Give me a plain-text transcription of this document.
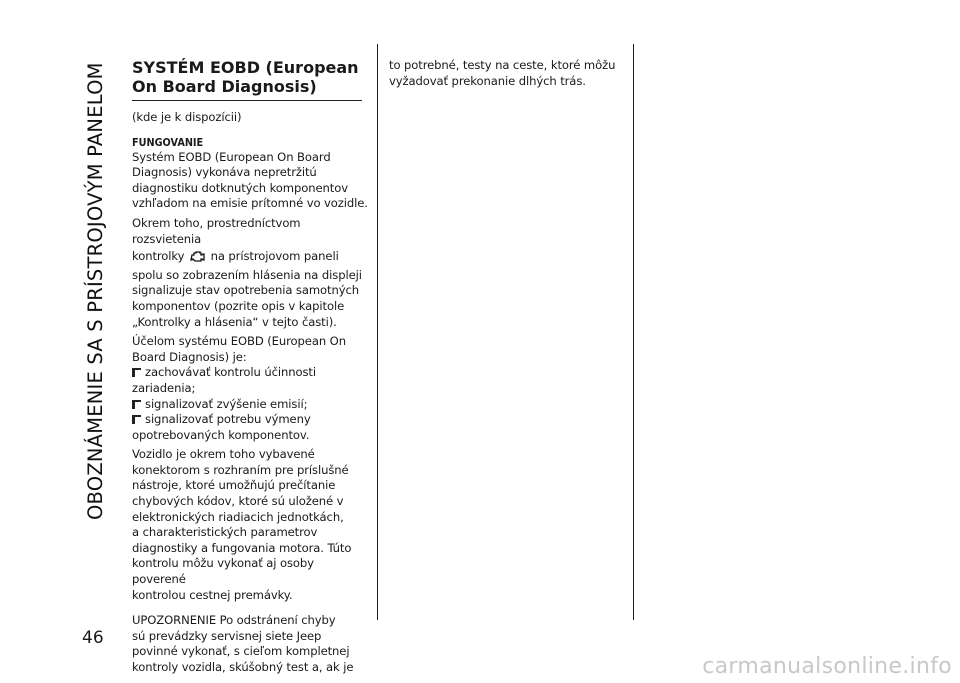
OBOZNÁMENIE SA S PRÍSTROJOVÝM PANELOM
46
SYSTÉM EOBD (European
On Board Diagnosis)

(kde je k dispozícii)

FUNGOVANIE
Systém EOBD (European On Board
Diagnosis) vykonáva nepretržitú
diagnostiku dotknutých komponentov
vzhľadom na emisie prítomné vo vozidle.
Okrem toho, prostredníctvom rozsvietenia
kontrolky na prístrojovom paneli
spolu so zobrazením hlásenia na displeji
signalizuje stav opotrebenia samotných
komponentov (pozrite opis v kapitole
„Kontrolky a hlásenia“ v tejto časti).
Účelom systému EOBD (European On
Board Diagnosis) je:
zachovávať kontrolu účinnosti
zariadenia;
signalizovať zvýšenie emisií;
signalizovať potrebu výmeny
opotrebovaných komponentov.
Vozidlo je okrem toho vybavené
konektorom s rozhraním pre príslušné
nástroje, ktoré umožňujú prečítanie
chybových kódov, ktoré sú uložené v
elektronických riadiacich jednotkách,
a charakteristických parametrov
diagnostiky a fungovania motora. Túto
kontrolu môžu vykonať aj osoby poverené
kontrolou cestnej premávky.
UPOZORNENIE Po odstránení chyby
sú prevádzky servisnej siete Jeep
povinné vykonať, s cieľom kompletnej
kontroly vozidla, skúšobný test a, ak je
to potrebné, testy na ceste, ktoré môžu
vyžadovať prekonanie dlhých trás.
carmanualsonline.info
